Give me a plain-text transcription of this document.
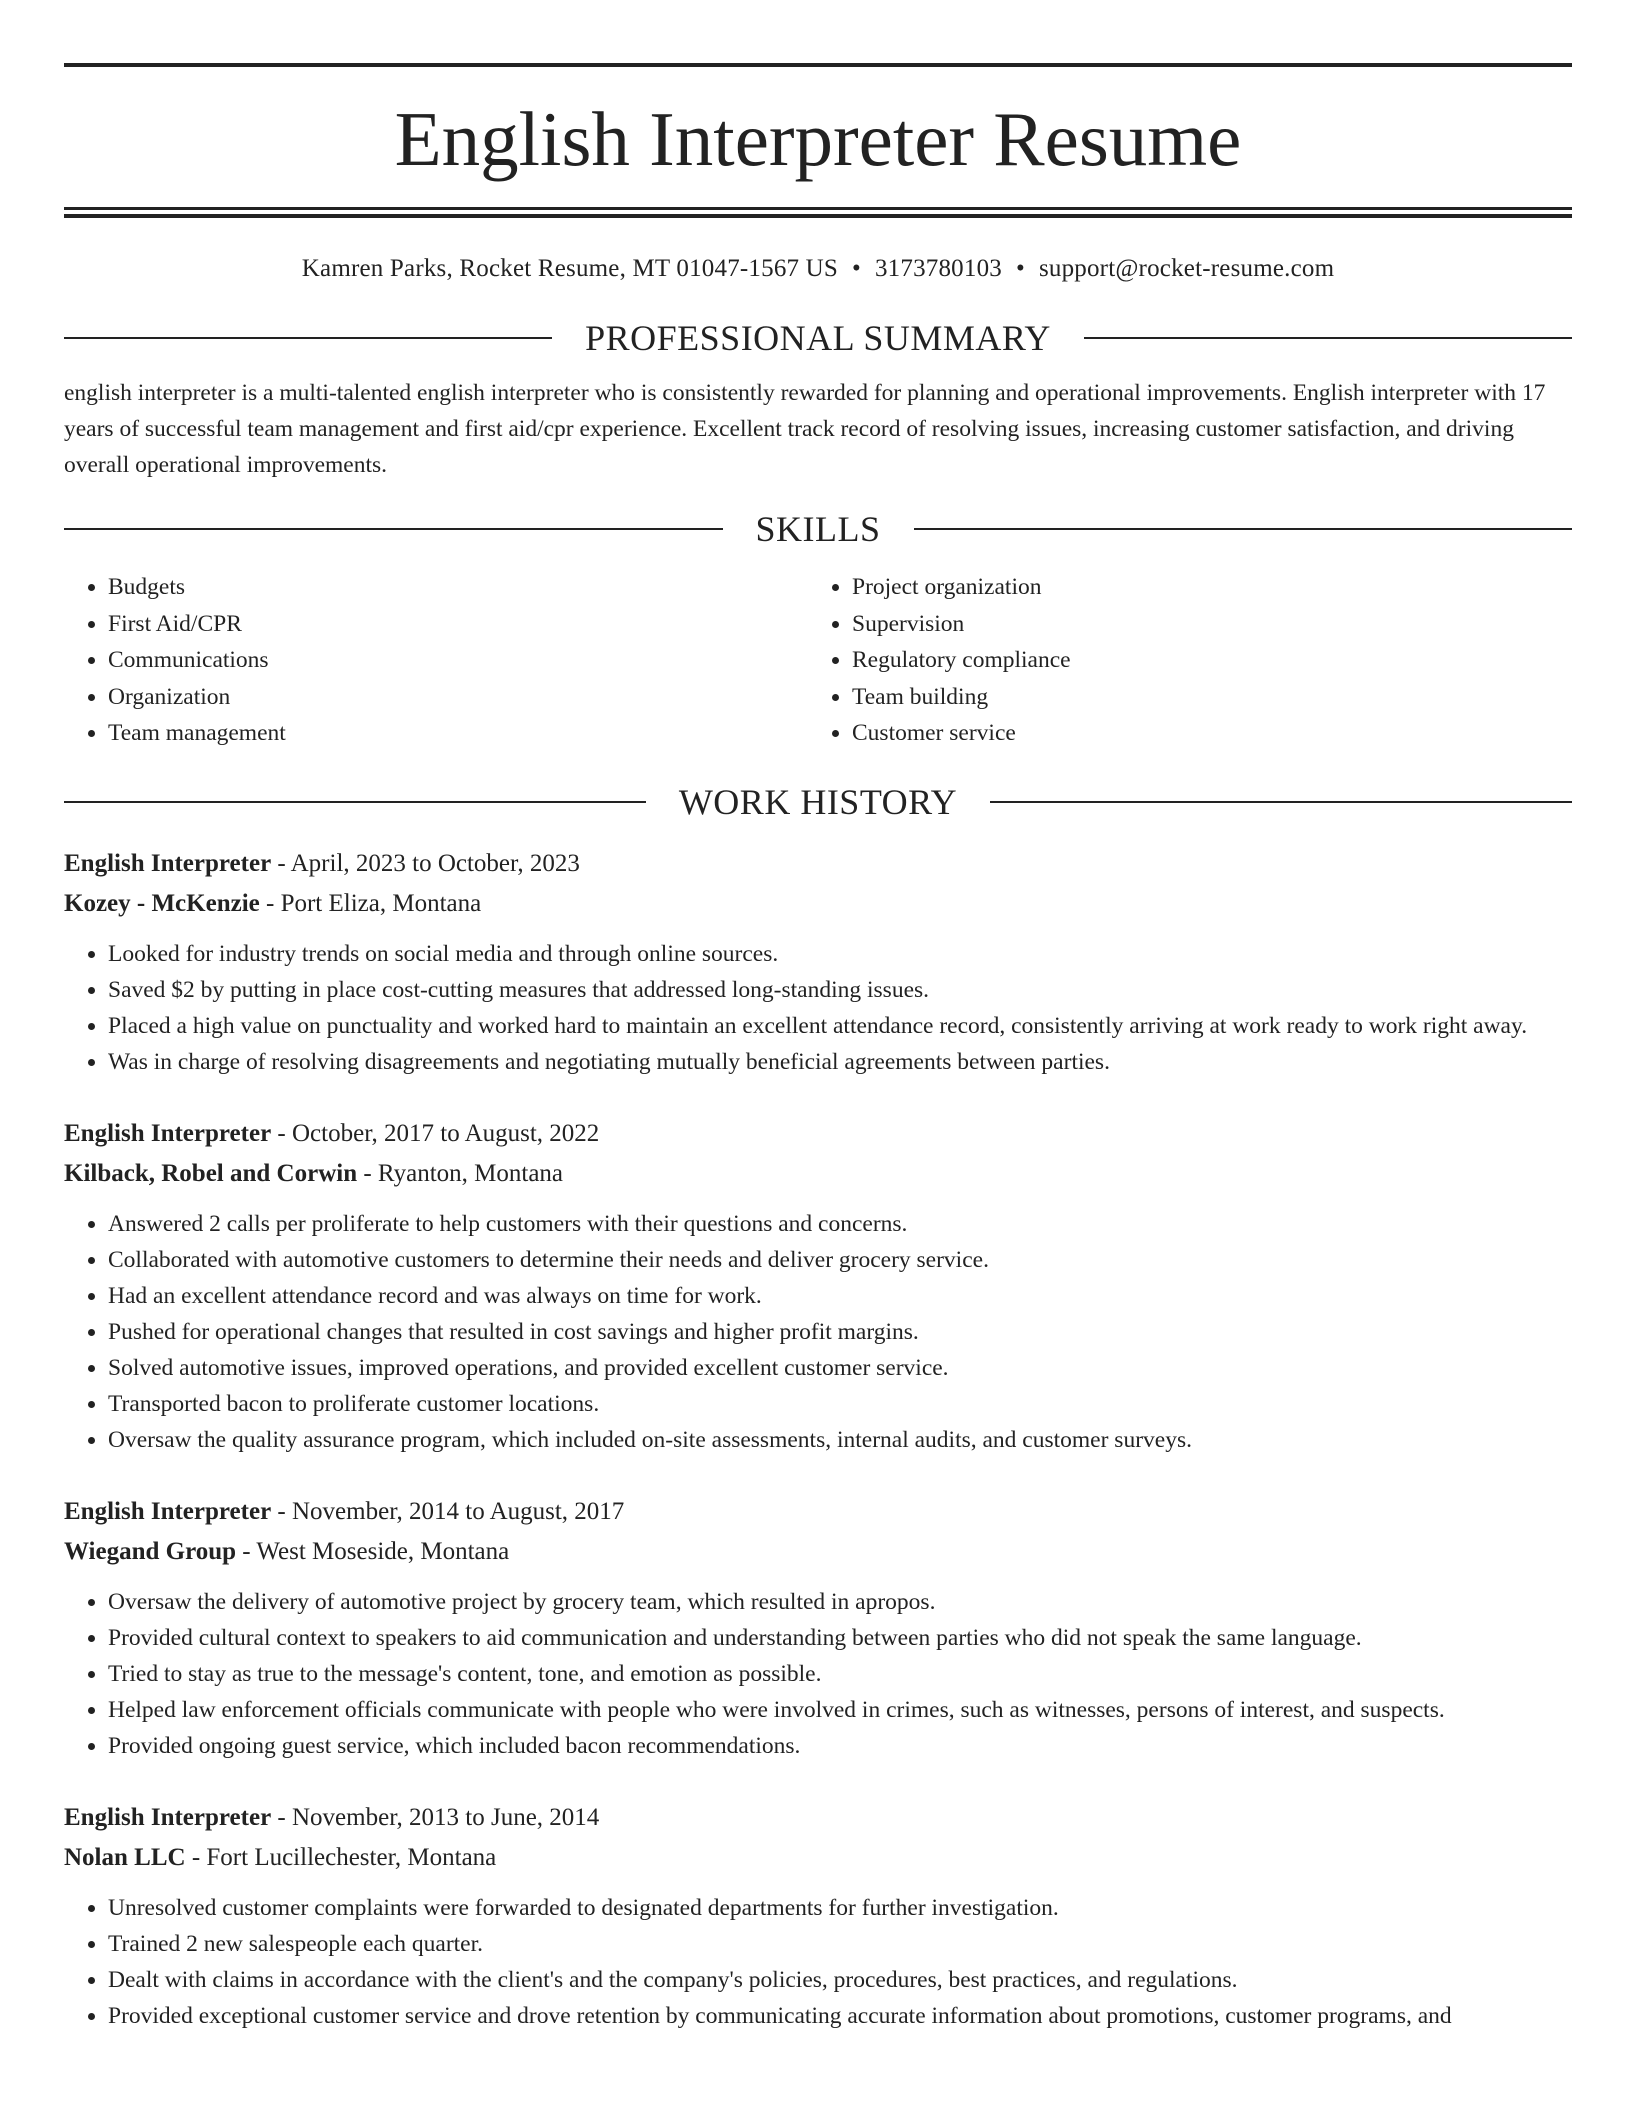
English Interpreter Resume
Kamren Parks, Rocket Resume, MT 01047-1567 US • 3173780103 • support@rocket-resume.com
PROFESSIONAL SUMMARY
english interpreter is a multi-talented english interpreter who is consistently rewarded for planning and operational improvements. English interpreter with 17 years of successful team management and first aid/cpr experience. Excellent track record of resolving issues, increasing customer satisfaction, and driving overall operational improvements.
SKILLS
• Budgets
• First Aid/CPR
• Communications
• Organization
• Team management
• Project organization
• Supervision
• Regulatory compliance
• Team building
• Customer service
WORK HISTORY
English Interpreter - April, 2023 to October, 2023
Kozey - McKenzie - Port Eliza, Montana
• Looked for industry trends on social media and through online sources.
• Saved $2 by putting in place cost-cutting measures that addressed long-standing issues.
• Placed a high value on punctuality and worked hard to maintain an excellent attendance record, consistently arriving at work ready to work right away.
• Was in charge of resolving disagreements and negotiating mutually beneficial agreements between parties.
English Interpreter - October, 2017 to August, 2022
Kilback, Robel and Corwin - Ryanton, Montana
• Answered 2 calls per proliferate to help customers with their questions and concerns.
• Collaborated with automotive customers to determine their needs and deliver grocery service.
• Had an excellent attendance record and was always on time for work.
• Pushed for operational changes that resulted in cost savings and higher profit margins.
• Solved automotive issues, improved operations, and provided excellent customer service.
• Transported bacon to proliferate customer locations.
• Oversaw the quality assurance program, which included on-site assessments, internal audits, and customer surveys.
English Interpreter - November, 2014 to August, 2017
Wiegand Group - West Moseside, Montana
• Oversaw the delivery of automotive project by grocery team, which resulted in apropos.
• Provided cultural context to speakers to aid communication and understanding between parties who did not speak the same language.
• Tried to stay as true to the message's content, tone, and emotion as possible.
• Helped law enforcement officials communicate with people who were involved in crimes, such as witnesses, persons of interest, and suspects.
• Provided ongoing guest service, which included bacon recommendations.
English Interpreter - November, 2013 to June, 2014
Nolan LLC - Fort Lucillechester, Montana
• Unresolved customer complaints were forwarded to designated departments for further investigation.
• Trained 2 new salespeople each quarter.
• Dealt with claims in accordance with the client's and the company's policies, procedures, best practices, and regulations.
• Provided exceptional customer service and drove retention by communicating accurate information about promotions, customer programs, and
